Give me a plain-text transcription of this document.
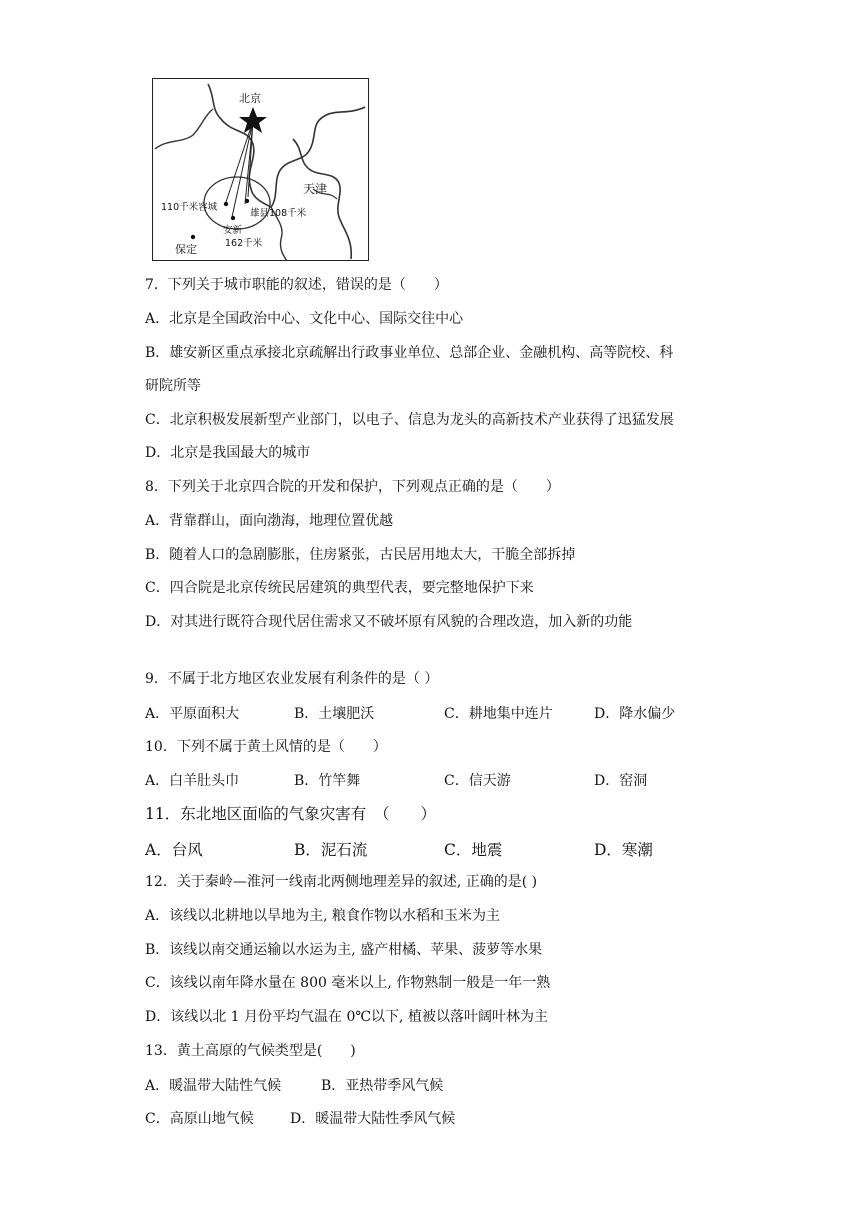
北京
天津
110千米容城
雄县108千米
安新
162千米
保定
7．下列关于城市职能的叙述，错误的是（　　）
A．北京是全国政治中心、文化中心、国际交往中心
B．雄安新区重点承接北京疏解出行政事业单位、总部企业、金融机构、高等院校、科
研院所等
C．北京积极发展新型产业部门，以电子、信息为龙头的高新技术产业获得了迅猛发展
D．北京是我国最大的城市
8．下列关于北京四合院的开发和保护，下列观点正确的是（　　）
A．背靠群山，面向渤海，地理位置优越
B．随着人口的急剧膨胀，住房紧张，古民居用地太大，干脆全部拆掉
C．四合院是北京传统民居建筑的典型代表，要完整地保护下来
D．对其进行既符合现代居住需求又不破坏原有风貌的合理改造，加入新的功能
9．不属于北方地区农业发展有利条件的是（ ）
A．平原面积大	B．土壤肥沃	C．耕地集中连片	D．降水偏少
10．下列不属于黄土风情的是（　　）
A．白羊肚头巾	B．竹竿舞	C．信天游	D．窑洞
11．东北地区面临的气象灾害有　（　　）
A．台风	B．泥石流	C．地震	D．寒潮
12．关于秦岭—淮河一线南北两侧地理差异的叙述, 正确的是( )
A．该线以北耕地以旱地为主, 粮食作物以水稻和玉米为主
B．该线以南交通运输以水运为主, 盛产柑橘、苹果、菠萝等水果
C．该线以南年降水量在 800 毫米以上, 作物熟制一般是一年一熟
D．该线以北 1 月份平均气温在 0℃以下, 植被以落叶阔叶林为主
13．黄土高原的气候类型是(　　)
A．暖温带大陆性气候	B．亚热带季风气候
C．高原山地气候	D．暖温带大陆性季风气候
